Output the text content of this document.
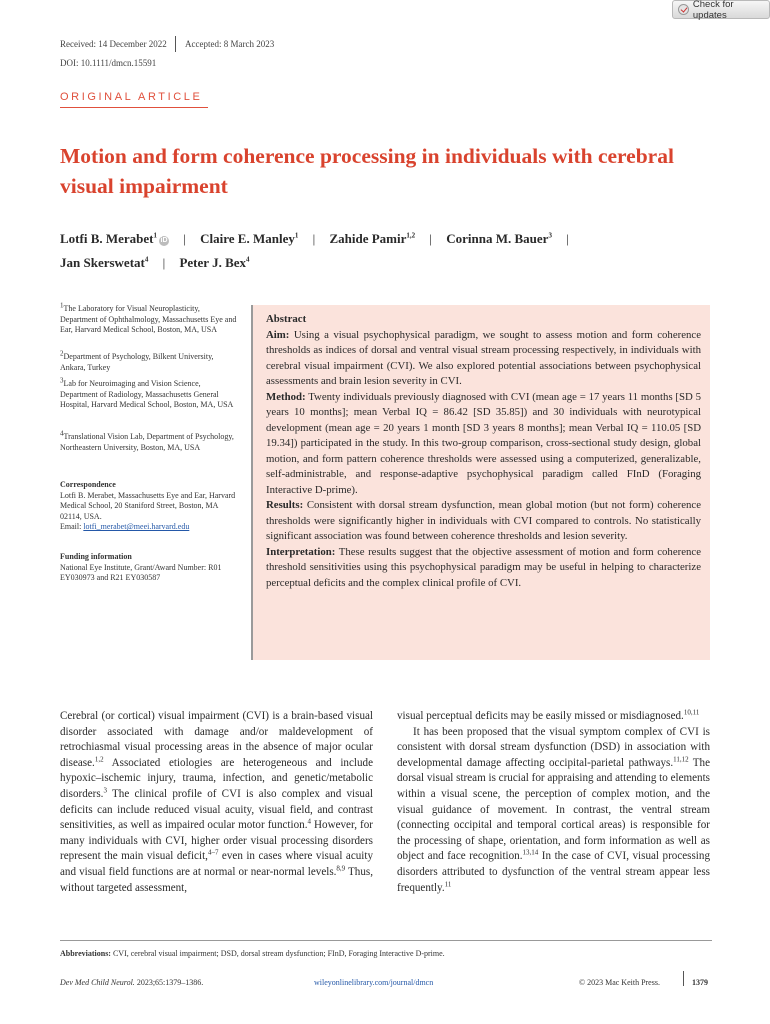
Check for updates
Received: 14 December 2022 Accepted: 8 March 2023
DOI: 10.1111/dmcn.15591
ORIGINAL ARTICLE
Motion and form coherence processing in individuals with cerebral visual impairment
Lotfi B. Merabet$^1$iD | Claire E. Manley$^1$ | Zahide Pamir$^{1,2}$ | Corinna M. Bauer$^3$ |
Jan Skerswetat$^4$ | Peter J. Bex$^4$
$^1$The Laboratory for Visual Neuroplasticity, Department of Ophthalmology, Massachusetts Eye and Ear, Harvard Medical School, Boston, MA, USA
$^2$Department of Psychology, Bilkent University, Ankara, Turkey
$^3$Lab for Neuroimaging and Vision Science, Department of Radiology, Massachusetts General Hospital, Harvard Medical School, Boston, MA, USA
$^4$Translational Vision Lab, Department of Psychology, Northeastern University, Boston, MA, USA
Correspondence
Lotfi B. Merabet, Massachusetts Eye and Ear, Harvard Medical School, 20 Staniford Street, Boston, MA 02114, USA.
Email: lotfi_merabet@meei.harvard.edu
Funding information
National Eye Institute, Grant/Award Number: R01 EY030973 and R21 EY030587
Abstract
Aim: Using a visual psychophysical paradigm, we sought to assess motion and form coherence thresholds as indices of dorsal and ventral visual stream processing respectively, in individuals with cerebral visual impairment (CVI). We also explored potential associations between psychophysical assessments and brain lesion severity in CVI.
Method: Twenty individuals previously diagnosed with CVI (mean age = 17 years 11 months [SD 5 years 10 months]; mean Verbal IQ = 86.42 [SD 35.85]) and 30 individuals with neurotypical development (mean age = 20 years 1 month [SD 3 years 8 months]; mean Verbal IQ = 110.05 [SD 19.34]) participated in the study. In this two-group comparison, cross-sectional study design, global motion, and form pattern coherence thresholds were assessed using a computerized, generalizable, self-administrable, and response-adaptive psychophysical paradigm called FInD (Foraging Interactive D-prime).
Results: Consistent with dorsal stream dysfunction, mean global motion (but not form) coherence thresholds were significantly higher in individuals with CVI compared to controls. No statistically significant association was found between coherence thresholds and lesion severity.
Interpretation: These results suggest that the objective assessment of motion and form coherence threshold sensitivities using this psychophysical paradigm may be useful in helping to characterize perceptual deficits and the complex clinical profile of CVI.

Cerebral (or cortical) visual impairment (CVI) is a brain-based visual disorder associated with damage and/or maldevelopment of retrochiasmal visual processing areas in the absence of major ocular disease.$^{1,2}$ Associated etiologies are heterogeneous and include hypoxic–ischemic injury, trauma, infection, and genetic/metabolic disorders.$^3$ The clinical profile of CVI is also complex and visual deficits can include reduced visual acuity, visual field, and contrast sensitivities, as well as impaired ocular motor function.$^4$ However, for many individuals with CVI, higher order visual processing disorders represent the main visual deficit,$^{4-7}$ even in cases where visual acuity and visual field functions are at normal or near-normal levels.$^{8,9}$ Thus, without targeted assessment,

visual perceptual deficits may be easily missed or misdiagnosed.$^{10,11}$

It has been proposed that the visual symptom complex of CVI is consistent with dorsal stream dysfunction (DSD) in association with developmental damage affecting occipital-parietal pathways.$^{11,12}$ The dorsal visual stream is crucial for appraising and attending to elements within a visual scene, the perception of complex motion, and the visual guidance of movement. In contrast, the ventral stream (connecting occipital and temporal cortical areas) is responsible for the processing of shape, orientation, and form information as well as object and face recognition.$^{13,14}$ In the case of CVI, visual processing disorders attributed to dysfunction of the ventral stream appear less frequently.$^{11}$

Abbreviations: CVI, cerebral visual impairment; DSD, dorsal stream dysfunction; FInD, Foraging Interactive D-prime.
Dev Med Child Neurol. 2023;65:1379–1386.	wileyonlinelibrary.com/journal/dmcn	© 2023 Mac Keith Press.	1379
